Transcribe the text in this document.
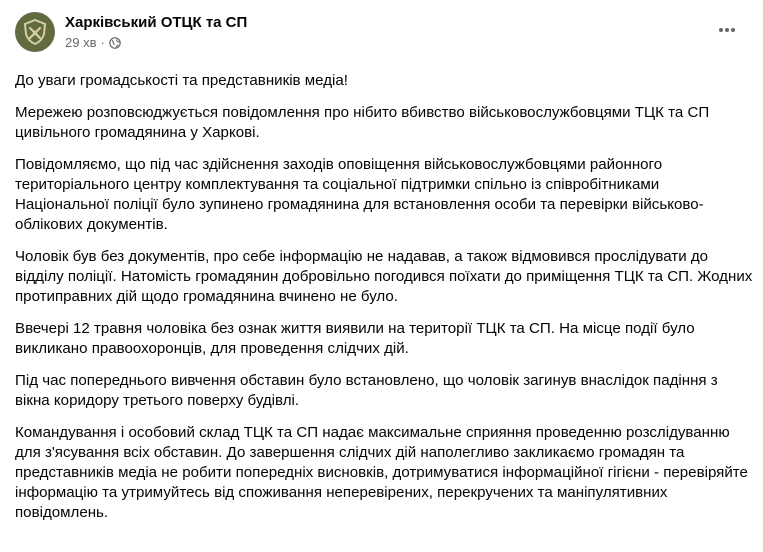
Харківський ОТЦК та СП
29 хв ·

До уваги громадськості та представників медіа!

Мережею розповсюджується повідомлення про нібито вбивство військовослужбовцями ТЦК та СП цивільного громадянина у Харкові.

Повідомляємо, що під час здійснення заходів оповіщення військовослужбовцями районного територіального центру комплектування та соціальної підтримки спільно із співробітниками Національної поліції було зупинено громадянина для встановлення особи та перевірки військово-облікових документів.

Чоловік був без документів, про себе інформацію не надавав, а також відмовився прослідувати до відділу поліції. Натомість громадянин добровільно погодився поїхати до приміщення ТЦК та СП. Жодних протиправних дій щодо громадянина вчинено не було.

Ввечері 12 травня чоловіка без ознак життя виявили на території ТЦК та СП. На місце події було викликано правоохоронців, для проведення слідчих дій.

Під час попереднього вивчення обставин було встановлено, що чоловік загинув внаслідок падіння з вікна коридору третього поверху будівлі.

Командування і особовий склад ТЦК та СП надає максимальне сприяння проведенню розслідуванню для з'ясування всіх обставин. До завершення слідчих дій наполегливо закликаємо громадян та представників медіа не робити попередніх висновків, дотримуватися інформаційної гігієни - перевіряйте інформацію та утримуйтесь від споживання неперевірених, перекручених та маніпулятивних повідомлень.
